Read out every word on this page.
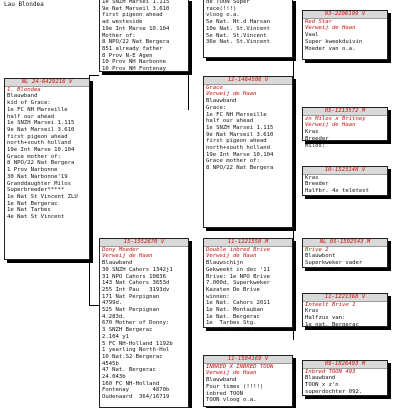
Lau Blondea	1e SNZH Marsei 1.115
9e Nat Marseil 3.610
first pigeon ahead
ad westeside
19e Int Marse 10.104
Mother of:
8 NPO/22 Nat Bergera
851 already father
8 Prov N-E Agen
10 Prov NH Narbonne
10 Prov NH Fontenay
de TOON Super
race(!!!)
vloog o.a.
5e Nat. Nt.d Harsan
10e Nat. St.Vincent
5e Nat. St.Vincent
36e Nat. St.Vincent
03-2206199 V
Red Star
Verweij de Haan
Vaal
Super kweekduivin
Moeder van o.a.
NL 24-6429216 V
1. Blondea
Blauwband
kid of Grace:
1e FC NH Marseille
half our ahead
1e SNZH Marsei 1.115
9e Nat Marseil 3.610
first pigeon ahead
north+south holland
19e Int Marse 10.104
Grace mother of:
8 NPO/22 Nat Bergera
1 Prov Narbonne
30 Nat Narbonne'19
Granddaughter Milos
Superbreeder*****
1e Nat St Vincent ZLU
1e Nat Bergerac
1e Nat Tarbes
4e Nat St Vincent
12-1464506 V
Grace
Verweij de Haan
Blauwband
Grace:
1e FC NH Marseille
half our ahead
1e SNZH Marsei 1.115
9e Nat Marseil 3.610
first pigeon ahead
north+south holland
19e Int Marse 10.104
Grace mother of:
8 NPO/22 Nat Bergera
05-1213572 M
zn Milos x Britney
Verweij de Haan
Kras
Breeder
Milos:
10-1523148 V
Kras
Breeder
Halfbr. 4x teletest
15-1552670 V
Dony Moeder
Verweij de Haan
Blauwband
30 SNZH Cahors 1342j1
31 NPO Cahors 10836
143 Nat Cahors 3653d
255 Int Pau   3193dv
171 Nat Perpignan
4799d.
525 Nat Perpignan
4.283d.
670 Mother of Donny:
3 SNZH Bergerac
2.104 y1
5 FC NH-Holland 1192b
1 yearling North-Hol
10 Nat.S2 Bergerac
4545b
47 Nat. Bergerac
24.043b
160 FC NH-Holland
Fontenay       4870b
Oudenaard  364/16719
11-1221558 M
Double inbred Brive
Verweij de Haan
Blauwschijn
Gekweekt in dec '11
Brive: 1e NPO Brive
7.000d, Superkweker
Kazaten De Brive
winnen:
1e Nat. Cahors 2011
1e Nat. Montauban
1e Nat. Bergerac
1e  Tarbes Stg.
Marathon Hoord.
NL 05-1592543 M
Brive 2
Blauwbont
Superkweker vader
van o.a. Zara
11-1221368 V
Inteelt Brive 1
Kras
Halfzus van:
1e nat. Bergerac
11-1584169 V
INBRED X INBRED TOON
Verweij de Haan
Blauwband
Four times (!!!!)
inbred TOON
TOON vloog o.a.
09-1026493 M
Inbred TOON 493
Blauwband
TOON x z'n
superdochter 092.
